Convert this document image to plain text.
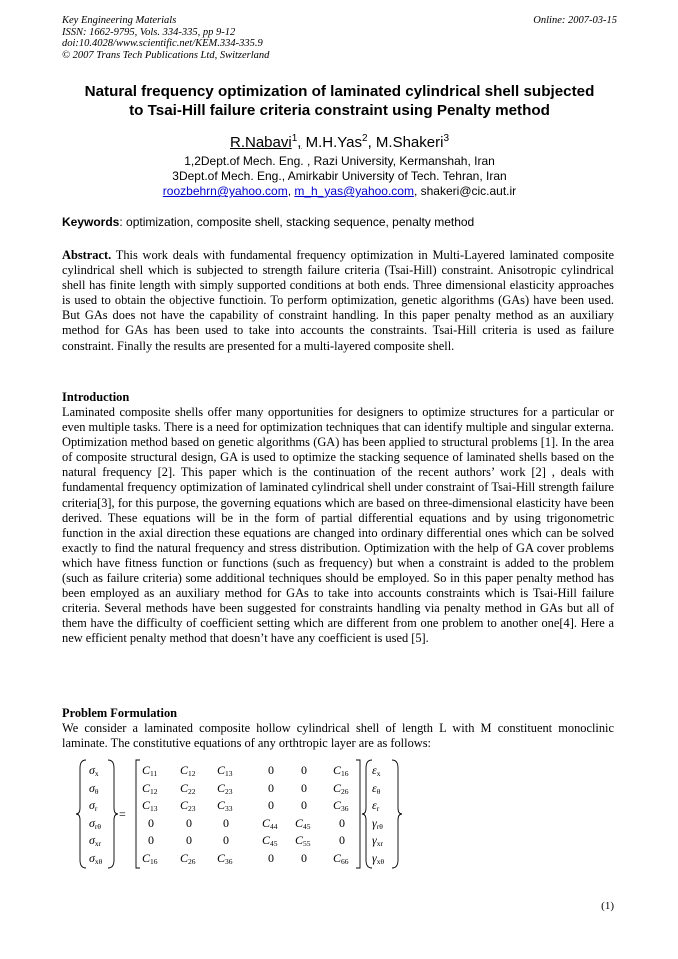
Key Engineering Materials
ISSN: 1662-9795, Vols. 334-335, pp 9-12
doi:10.4028/www.scientific.net/KEM.334-335.9
© 2007 Trans Tech Publications Ltd, Switzerland
Online: 2007-03-15
Natural frequency optimization of laminated cylindrical shell subjected
to Tsai-Hill failure criteria constraint using Penalty method
R.Nabavi$^1$, M.H.Yas$^2$, M.Shakeri$^3$
1,2Dept.of Mech. Eng. , Razi University, Kermanshah, Iran
3Dept.of Mech. Eng., Amirkabir University of Tech. Tehran, Iran
roozbehrn@yahoo.com, m_h_yas@yahoo.com, shakeri@cic.aut.ir
Keywords: optimization, composite shell, stacking sequence, penalty method
Abstract. This work deals with fundamental frequency optimization in Multi-Layered laminated composite cylindrical shell which is subjected to strength failure criteria (Tsai-Hill) constraint. Anisotropic cylindrical shell has finite length with simply supported conditions at both ends. Three dimensional elasticity approaches is used to obtain the objective functioin. To perform optimization, genetic algorithms (GAs) have been used. But GAs does not have the capability of constraint handling. In this paper penalty method as an auxiliary method for GAs has been used to take into accounts the constraints. Tsai-Hill criteria is used as failure constraint. Finally the results are presented for a multi-layered composite shell.
Introduction
Laminated composite shells offer many opportunities for designers to optimize structures for a particular or even multiple tasks. There is a need for optimization techniques that can identify multiple and singular externa. Optimization method based on genetic algorithms (GA) has been applied to structural problems [1]. In the area of composite structural design, GA is used to optimize the stacking sequence of laminated shells based on the natural frequency [2]. This paper which is the continuation of the recent authors’ work [2] , deals with fundamental frequency optimization of laminated cylindrical shell under constraint of Tsai-Hill strength failure criteria[3], for this purpose, the governing equations which are based on three-dimensional elasticity have been derived. These equations will be in the form of partial differential equations and by using trigonometric function in the axial direction these equations are changed into ordinary differential ones which can be solved exactly to find the natural frequency and stress distribution. Optimization with the help of GA cover problems which have fitness function or functions (such as frequency) but when a constraint is added to the problem (such as failure criteria) some additional techniques should be employed. So in this paper penalty method has been employed as an auxiliary method for GAs to take into accounts constraints which is Tsai-Hill failure criteria. Several methods have been suggested for constraints handling via penalty method in GAs but all of them have the difficulty of coefficient setting which are different from one problem to another one[4]. Here a new efficient penalty method that doesn’t have any coefficient is used [5].
Problem Formulation
We consider a laminated composite hollow cylindrical shell of length L with M constituent monoclinic laminate. The constitutive equations of any orthtropic layer are as follows:
$\sigma_x$
$\sigma_\theta$
$\sigma_r$
$\sigma_{r\theta}$
$\sigma_{xr}$
$\sigma_{x\theta}$
$C_{11}$ $C_{12}$ $C_{13}$	0 0 $C_{16}$
$C_{12}$ $C_{22}$ $C_{23}$	0 0 $C_{26}$
$C_{13}$ $C_{23}$ $C_{33}$	0 0 $C_{36}$
0	0	0	$C_{44}$ $C_{45}$ 0
0	0	0	$C_{45}$ $C_{55}$ 0
$C_{16}$ $C_{26}$ $C_{36}$	0 0 $C_{66}$
$\varepsilon_x$
$\varepsilon_\theta$
$\varepsilon_r$
$\gamma_{r\theta}$
$\gamma_{xr}$
$\gamma_{x\theta}$
=
(1)
